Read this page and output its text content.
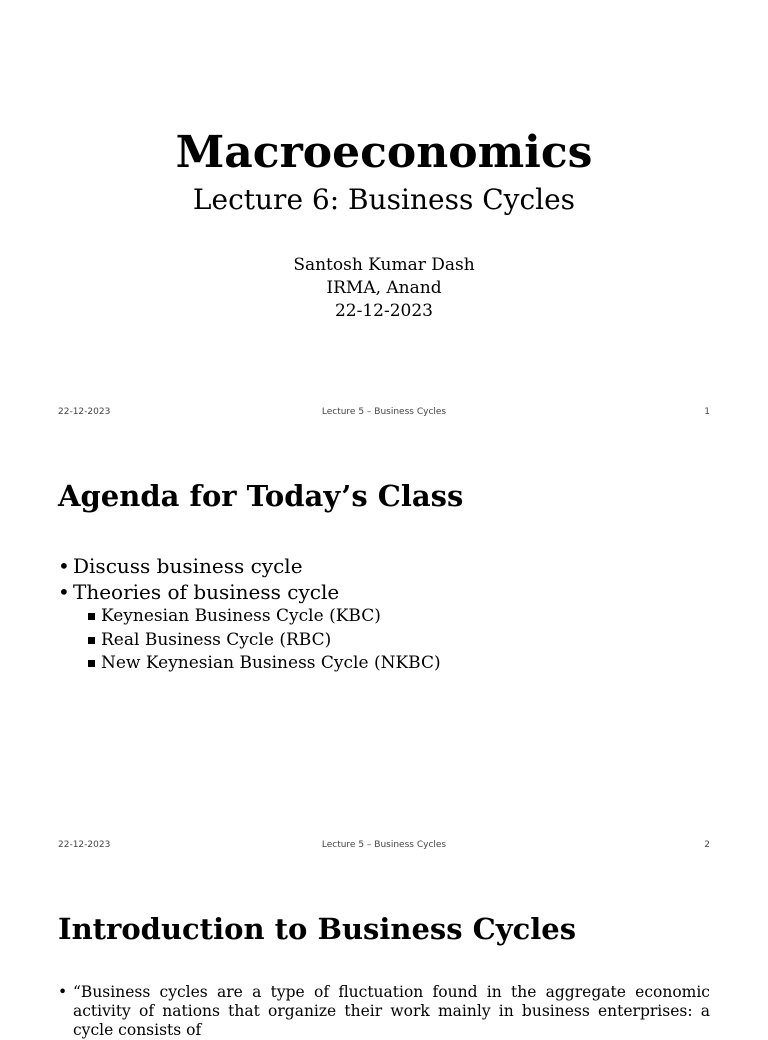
Macroeconomics
Lecture 6: Business Cycles
Santosh Kumar Dash
IRMA, Anand
22-12-2023
22-12-2023	Lecture 5 – Business Cycles	1
Agenda for Today’s Class
• Discuss business cycle
• Theories of business cycle
Keynesian Business Cycle (KBC)
Real Business Cycle (RBC)
New Keynesian Business Cycle (NKBC)
22-12-2023	Lecture 5 – Business Cycles	2
Introduction to Business Cycles
• “Business cycles are a type of fluctuation found in the aggregate economic activity of nations that organize their work mainly in business enterprises: a cycle consists of
